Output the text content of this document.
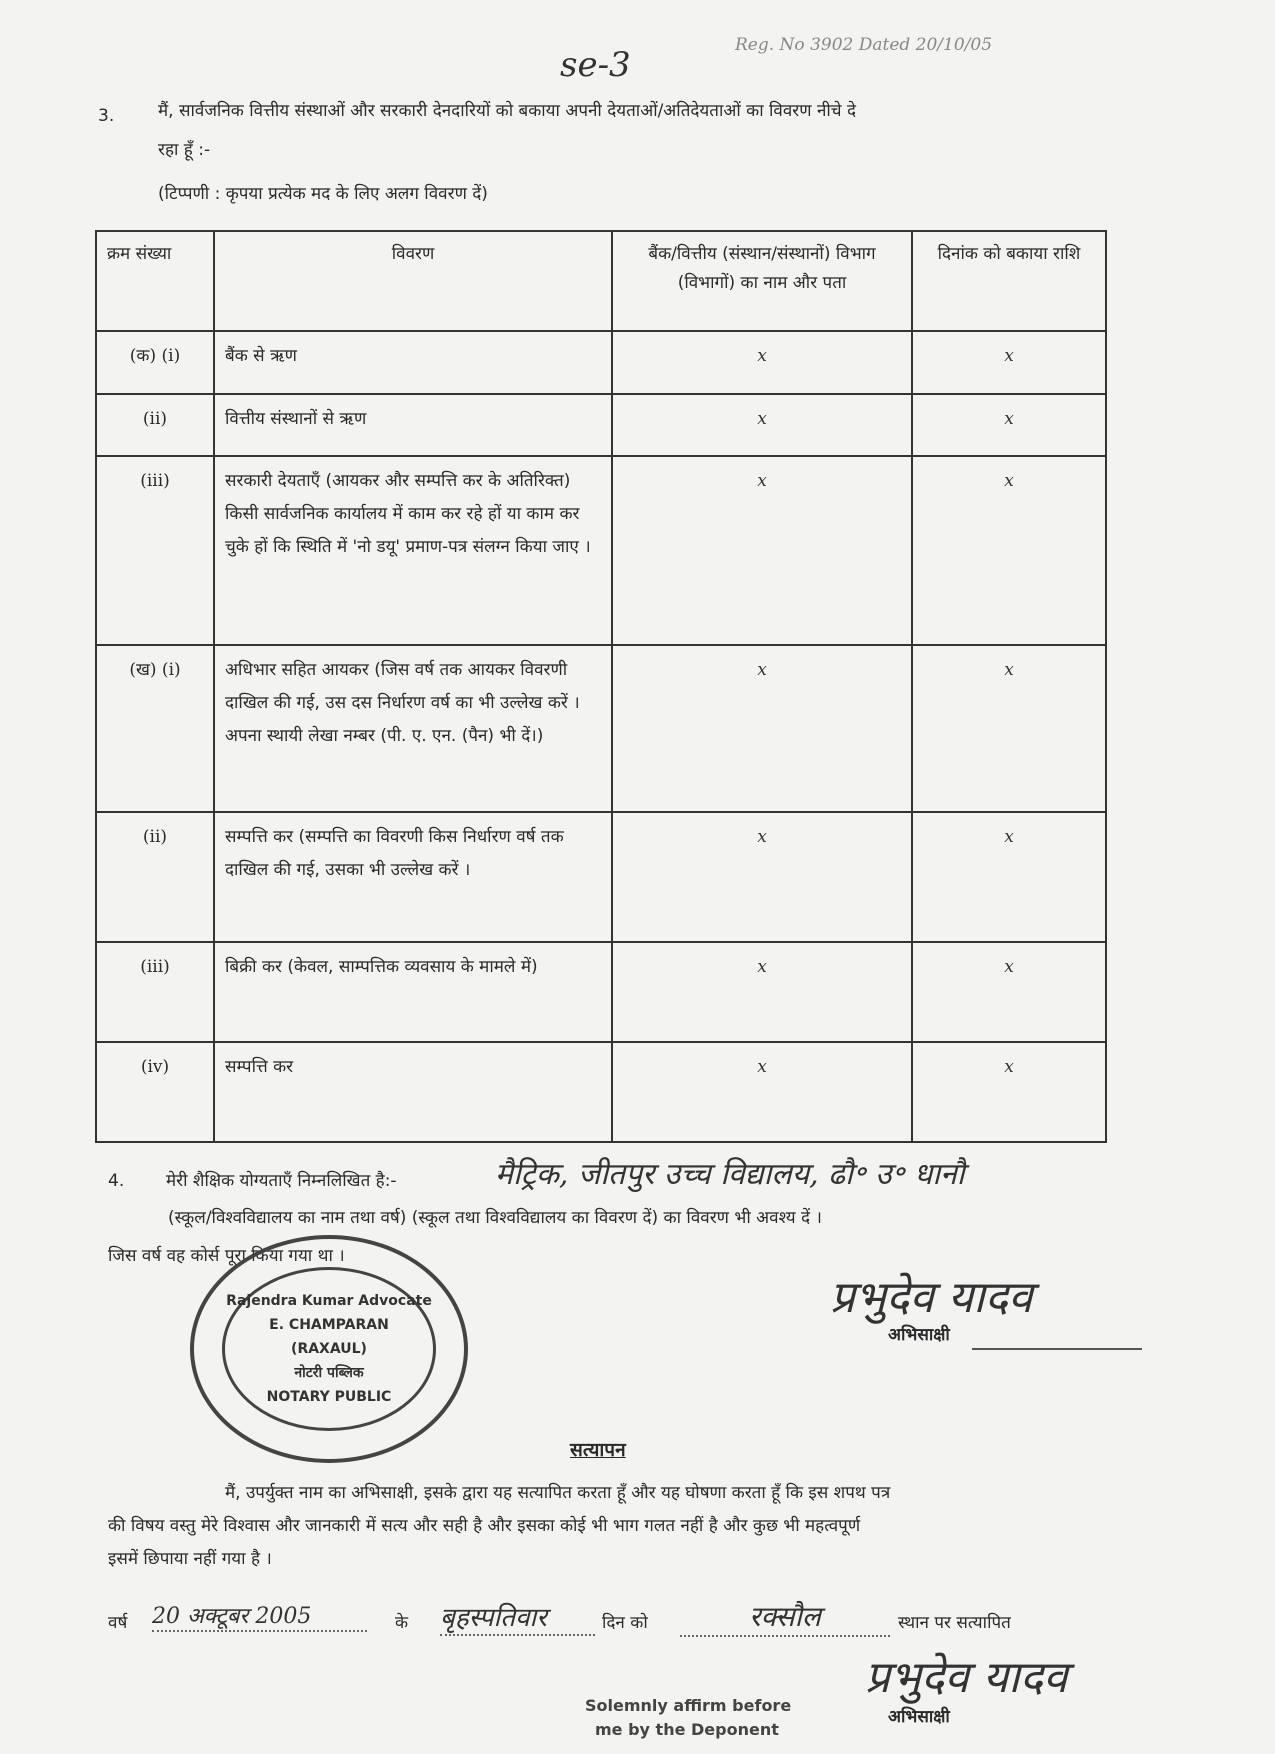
se-3	Reg. No 3902 Dated 20/10/05
3.	मैं, सार्वजनिक वित्तीय संस्थाओं और सरकारी देनदारियों को बकाया अपनी देयताओं/अतिदेयताओं का विवरण नीचे दे
रहा हूँ :-
(टिप्पणी : कृपया प्रत्येक मद के लिए अलग विवरण दें)
क्रम संख्या	विवरण	बैंक/वित्तीय (संस्थान/संस्थानों) विभाग (विभागों) का नाम और पता	दिनांक को बकाया राशि
(क) (i)	बैंक से ऋण	x	x
(ii)	वित्तीय संस्थानों से ऋण	x	x
(iii)	सरकारी देयताएँ (आयकर और सम्पत्ति कर के अतिरिक्त) किसी सार्वजनिक कार्यालय में काम कर रहे हों या काम कर चुके हों कि स्थिति में 'नो डयू' प्रमाण-पत्र संलग्न किया जाए ।	x	x
(ख) (i)	अधिभार सहित आयकर (जिस वर्ष तक आयकर विवरणी दाखिल की गई, उस दस निर्धारण वर्ष का भी उल्लेख करें । अपना स्थायी लेखा नम्बर (पी. ए. एन. (पैन) भी दें।)	x	x
(ii)	सम्पत्ति कर (सम्पत्ति का विवरणी किस निर्धारण वर्ष तक दाखिल की गई, उसका भी उल्लेख करें ।	x	x
(iii)	बिक्री कर (केवल, साम्पत्तिक व्यवसाय के मामले में)	x	x
(iv)	सम्पत्ति कर	x	x
4. मेरी शैक्षिक योग्यताएँ निम्नलिखित है:-	मैट्रिक, जीतपुर उच्च विद्यालय, ढौ॰ उ॰ धानौ
(स्कूल/विश्वविद्यालय का नाम तथा वर्ष) (स्कूल तथा विश्वविद्यालय का विवरण दें) का विवरण भी अवश्य दें ।
जिस वर्ष वह कोर्स पूरा किया गया था ।
प्रभुदेव यादव
अभिसाक्षी
Rajendra Kumar Advocate
E. CHAMPARAN
(RAXAUL)
नोटरी पब्लिक
NOTARY PUBLIC
सत्यापन
मैं, उपर्युक्त नाम का अभिसाक्षी, इसके द्वारा यह सत्यापित करता हूँ और यह घोषणा करता हूँ कि इस शपथ पत्र
की विषय वस्तु मेरे विश्वास और जानकारी में सत्य और सही है और इसका कोई भी भाग गलत नहीं है और कुछ भी महत्वपूर्ण
इसमें छिपाया नहीं गया है ।
वर्ष 20 अक्टूबर 2005	के बृहस्पतिवार	दिन को	रक्सौल	स्थान पर सत्यापित
प्रभुदेव यादव
अभिसाक्षी
Solemnly affirm before
me by the Deponent
